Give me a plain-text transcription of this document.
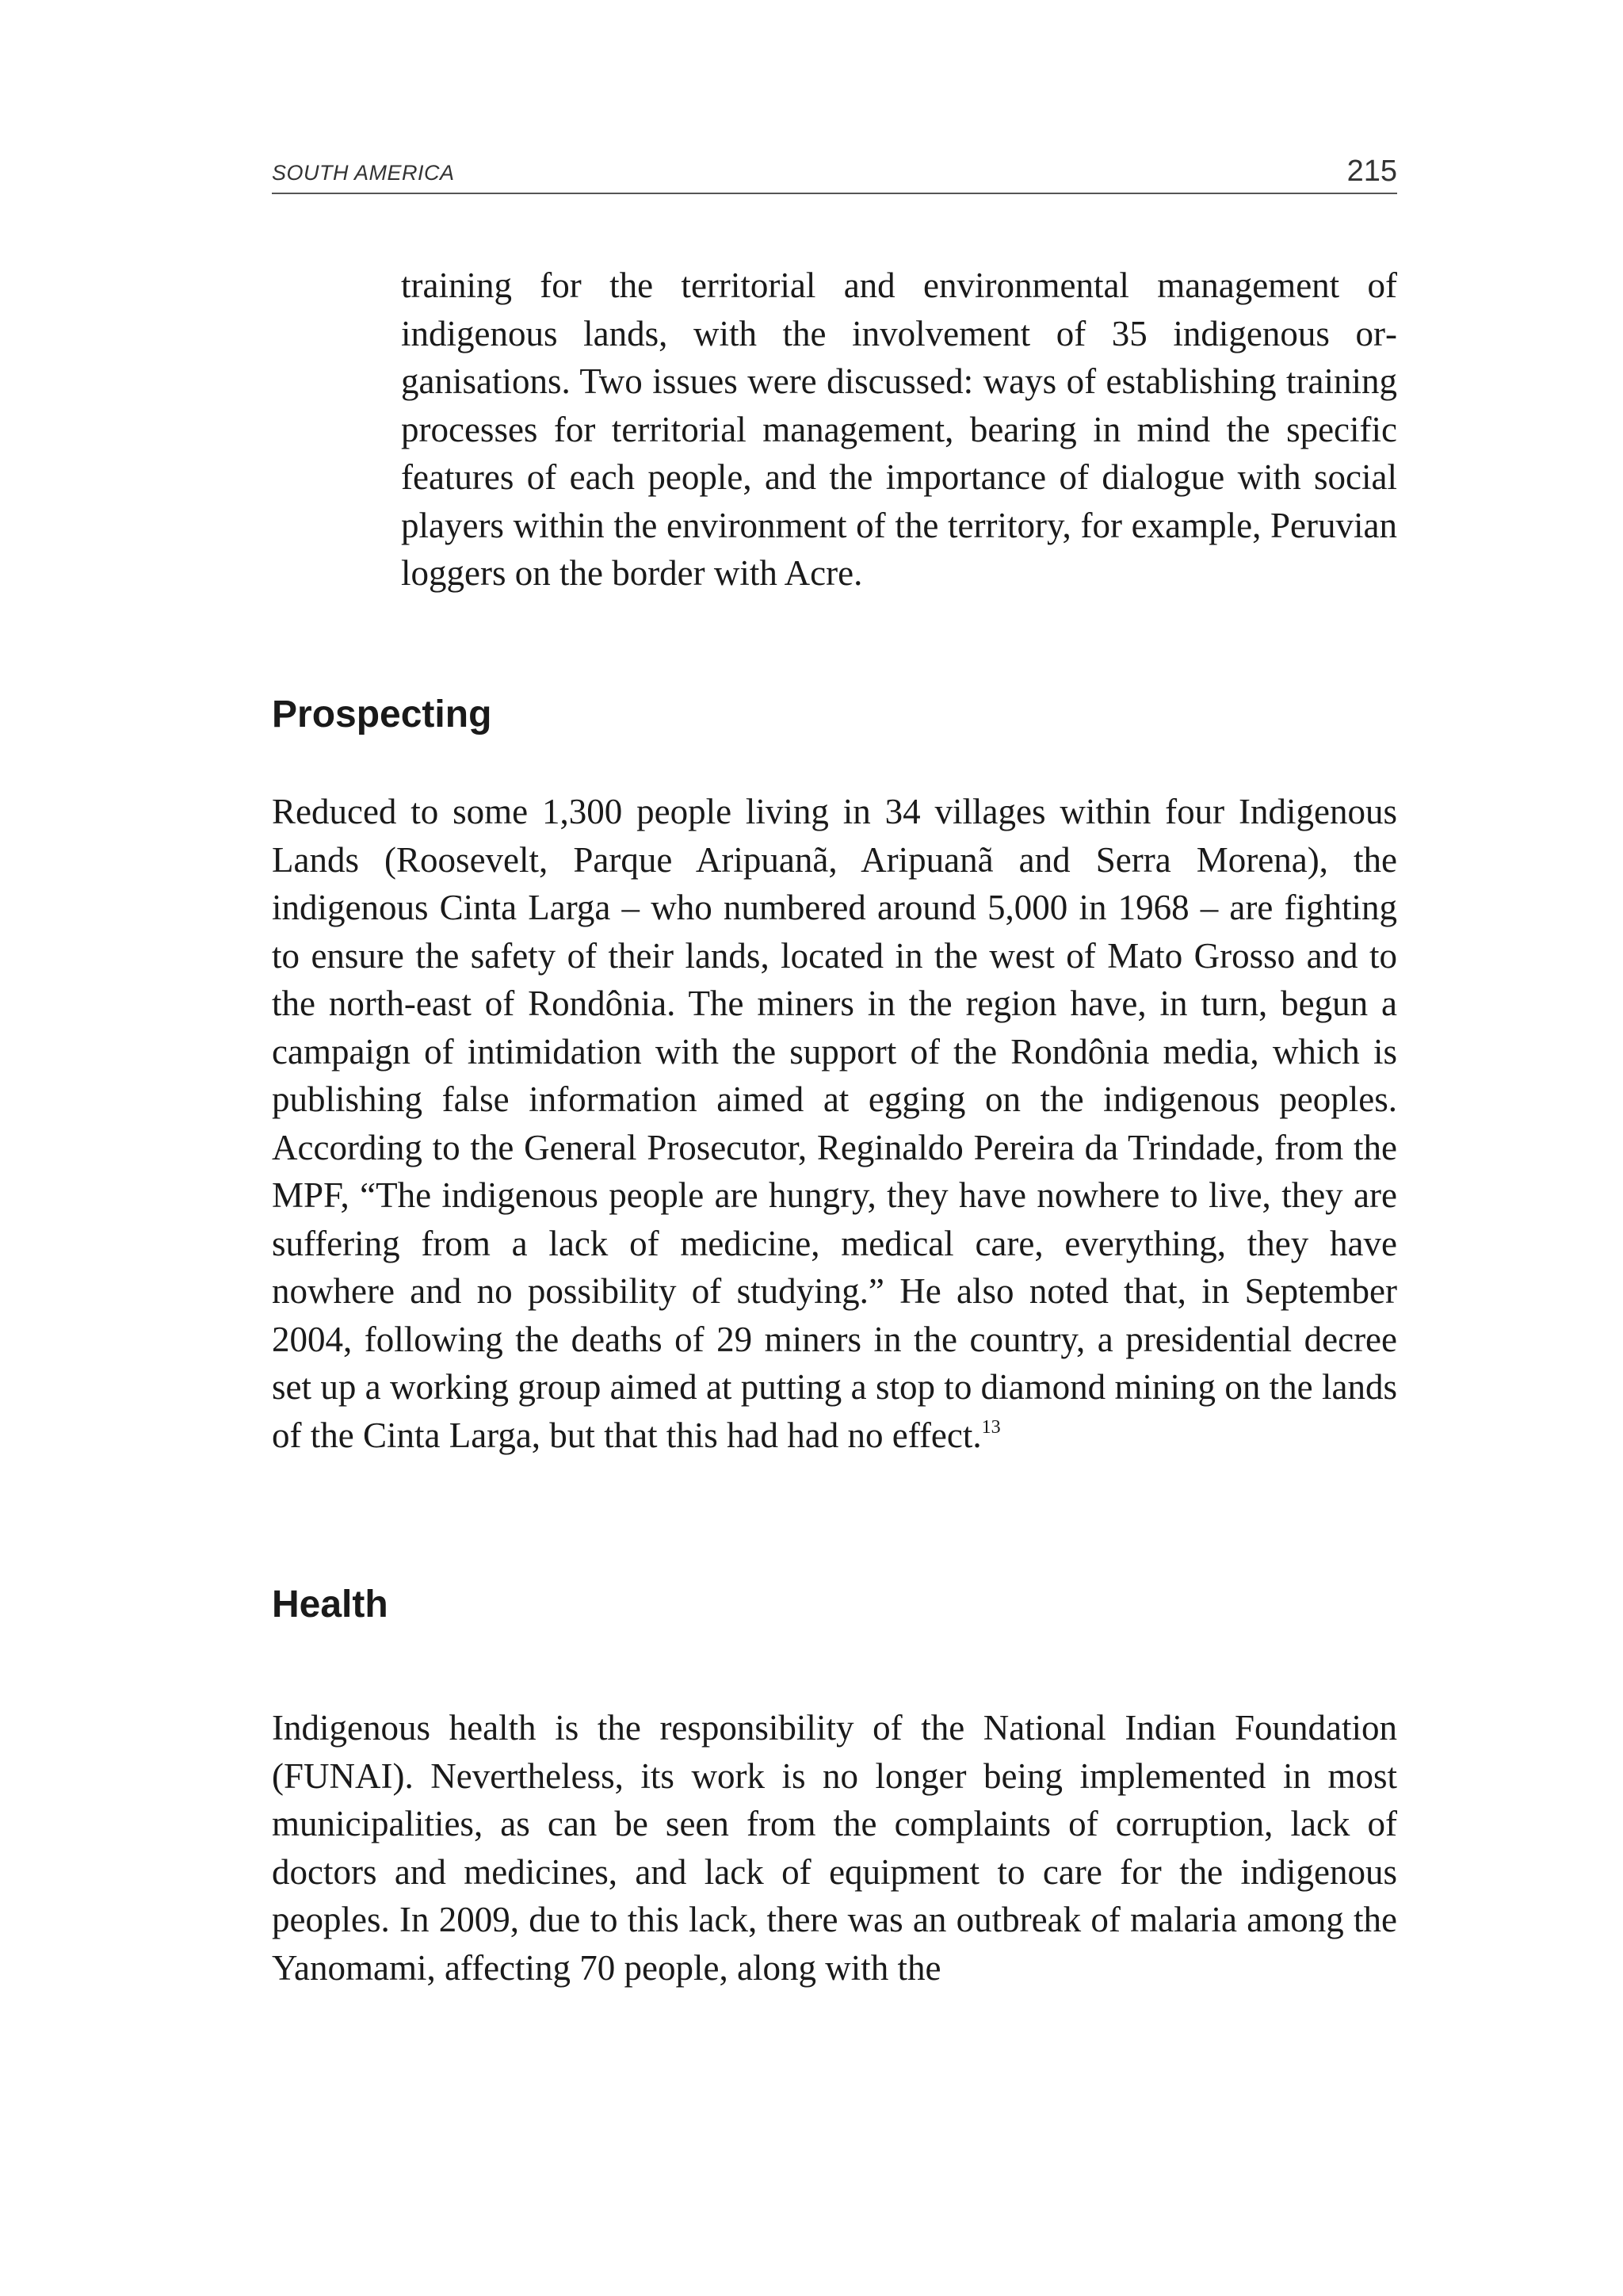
SOUTH AMERICA	215

training for the territorial and environmental management of indigenous lands, with the involvement of 35 indigenous organisations. Two issues were discussed: ways of establishing training processes for territorial management, bearing in mind the specific features of each people, and the importance of dialogue with social players within the environment of the territory, for example, Peruvian loggers on the border with Acre.

Prospecting

Reduced to some 1,300 people living in 34 villages within four Indigenous Lands (Roosevelt, Parque Aripuanã, Aripuanã and Serra Morena), the indigenous Cinta Larga – who numbered around 5,000 in 1968 – are fighting to ensure the safety of their lands, located in the west of Mato Grosso and to the north-east of Rondônia. The miners in the region have, in turn, begun a campaign of intimidation with the support of the Rondônia media, which is publishing false information aimed at egging on the indigenous peoples. According to the General Prosecutor, Reginaldo Pereira da Trindade, from the MPF, “The indigenous people are hungry, they have nowhere to live, they are suffering from a lack of medicine, medical care, everything, they have nowhere and no possibility of studying.” He also noted that, in September 2004, following the deaths of 29 miners in the country, a presidential decree set up a working group aimed at putting a stop to diamond mining on the lands of the Cinta Larga, but that this had had no effect.$^{13}$

Health

Indigenous health is the responsibility of the National Indian Foundation (FUNAI). Nevertheless, its work is no longer being implemented in most municipalities, as can be seen from the complaints of corruption, lack of doctors and medicines, and lack of equipment to care for the indigenous peoples. In 2009, due to this lack, there was an outbreak of malaria among the Yanomami, affecting 70 people, along with the
